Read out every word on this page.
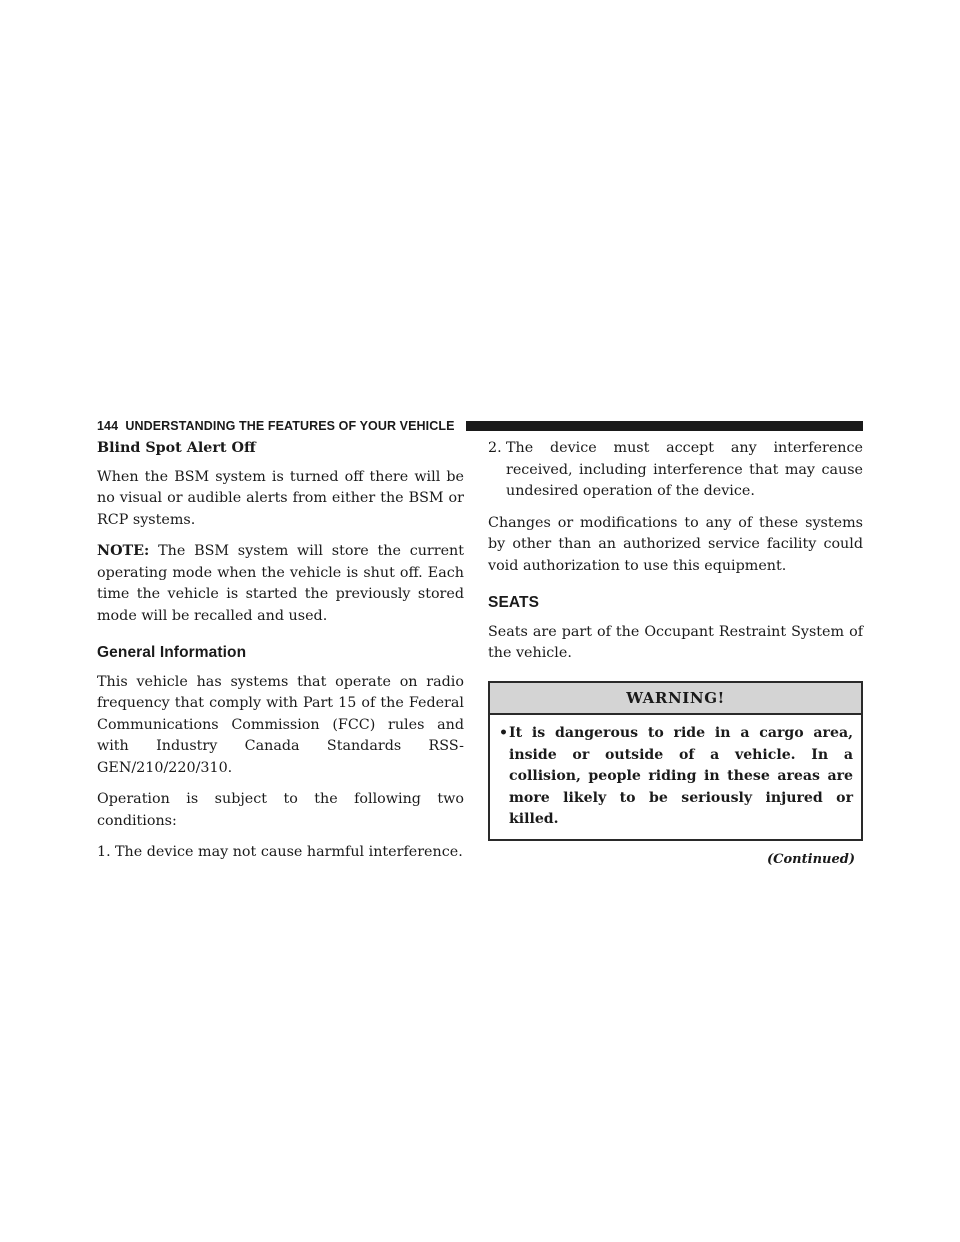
144 UNDERSTANDING THE FEATURES OF YOUR VEHICLE

Blind Spot Alert Off

When the BSM system is turned off there will be no visual or audible alerts from either the BSM or RCP systems.

NOTE: The BSM system will store the current operating mode when the vehicle is shut off. Each time the vehicle is started the previously stored mode will be recalled and used.

General Information

This vehicle has systems that operate on radio frequency that comply with Part 15 of the Federal Communications Commission (FCC) rules and with Industry Canada Standards RSS- GEN/210/220/310.

Operation is subject to the following two conditions:

1. The device may not cause harmful interference.
2. The device must accept any interference received, including interference that may cause undesired operation of the device.

Changes or modifications to any of these systems by other than an authorized service facility could void authorization to use this equipment.

SEATS

Seats are part of the Occupant Restraint System of the vehicle.

WARNING!
• It is dangerous to ride in a cargo area, inside or outside of a vehicle. In a collision, people riding in these areas are more likely to be seriously injured or killed.
(Continued)
